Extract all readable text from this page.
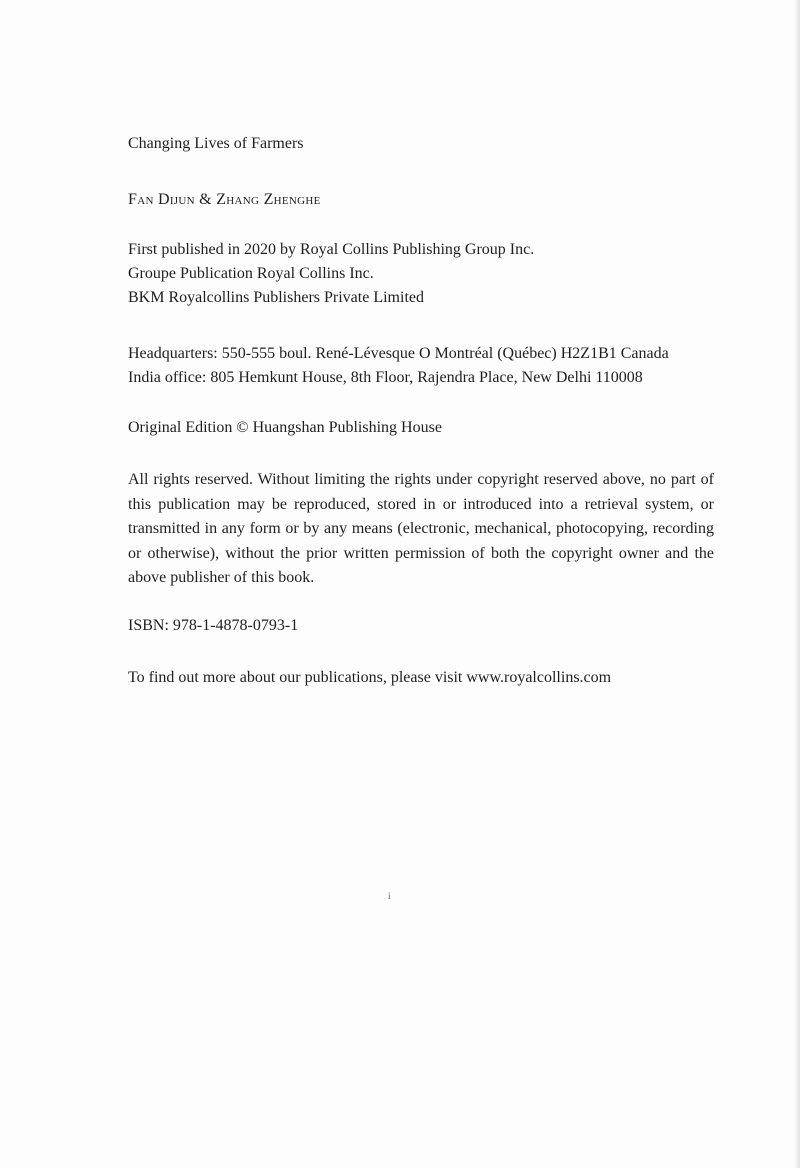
Changing Lives of Farmers

Fan Dijun & Zhang Zhenghe

First published in 2020 by Royal Collins Publishing Group Inc.
Groupe Publication Royal Collins Inc.
BKM Royalcollins Publishers Private Limited

Headquarters: 550-555 boul. René-Lévesque O Montréal (Québec) H2Z1B1 Canada
India office: 805 Hemkunt House, 8th Floor, Rajendra Place, New Delhi 110008

Original Edition © Huangshan Publishing House

All rights reserved. Without limiting the rights under copyright reserved above, no part of this publication may be reproduced, stored in or introduced into a retrieval system, or transmitted in any form or by any means (electronic, mechanical, photocopying, recording or otherwise), without the prior written permission of both the copyright owner and the above publisher of this book.

ISBN: 978-1-4878-0793-1

To find out more about our publications, please visit www.royalcollins.com

i
